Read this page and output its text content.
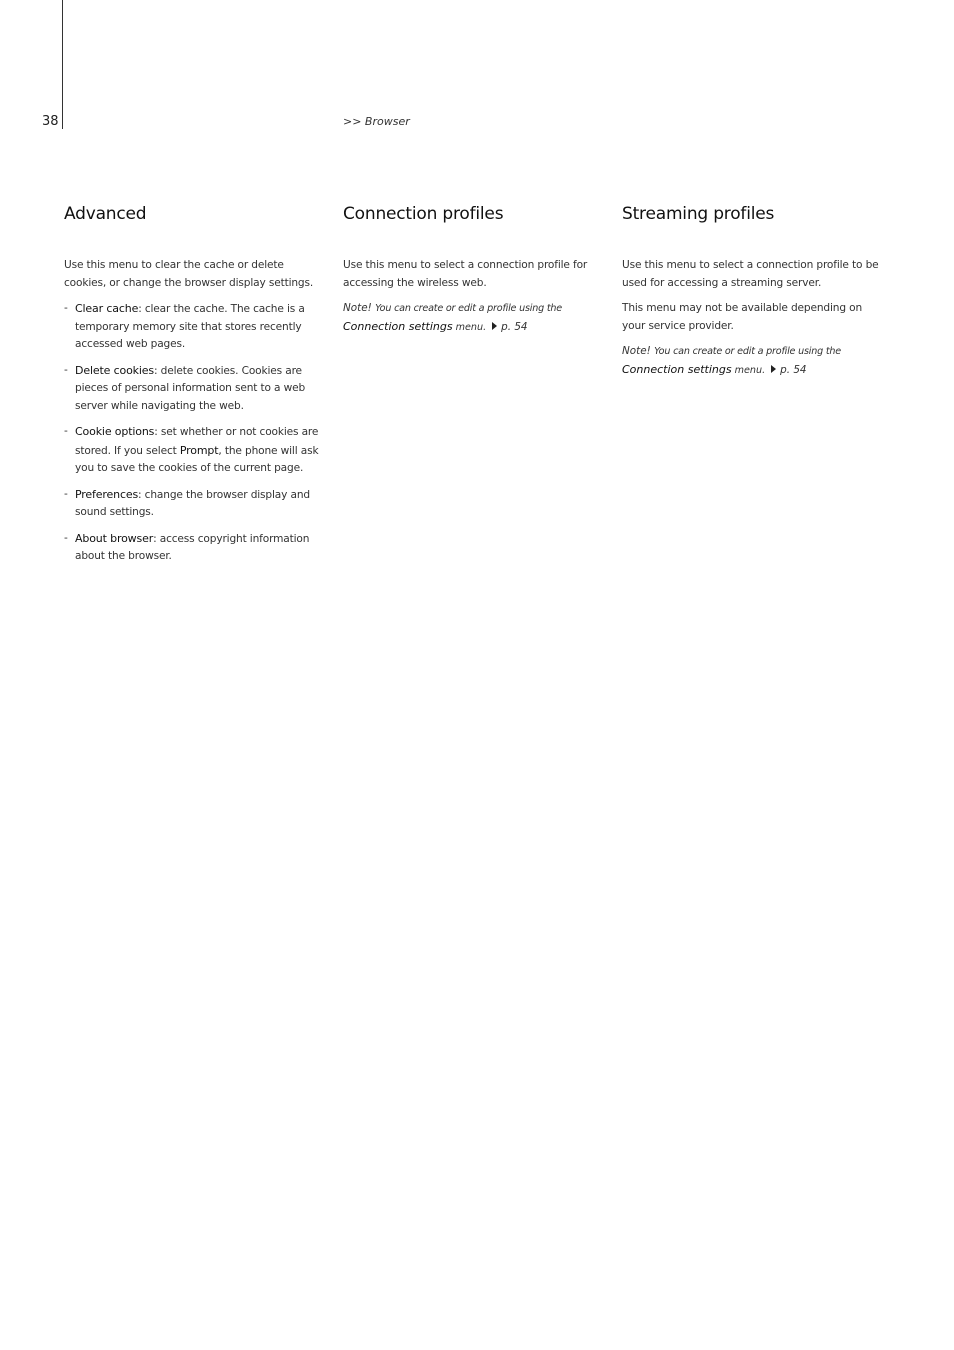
38	>> Browser
Advanced

Use this menu to clear the cache or delete cookies, or change the browser display settings.

- Clear cache: clear the cache. The cache is a temporary memory site that stores recently accessed web pages.
- Delete cookies: delete cookies. Cookies are pieces of personal information sent to a web server while navigating the web.
- Cookie options: set whether or not cookies are stored. If you select Prompt, the phone will ask you to save the cookies of the current page.
- Preferences: change the browser display and sound settings.
- About browser: access copyright information about the browser.
Connection profiles

Use this menu to select a connection profile for accessing the wireless web.

Note! You can create or edit a profile using the
Connection settings menu. p. 54
Streaming profiles

Use this menu to select a connection profile to be used for accessing a streaming server.

This menu may not be available depending on your service provider.

Note! You can create or edit a profile using the
Connection settings menu. p. 54
